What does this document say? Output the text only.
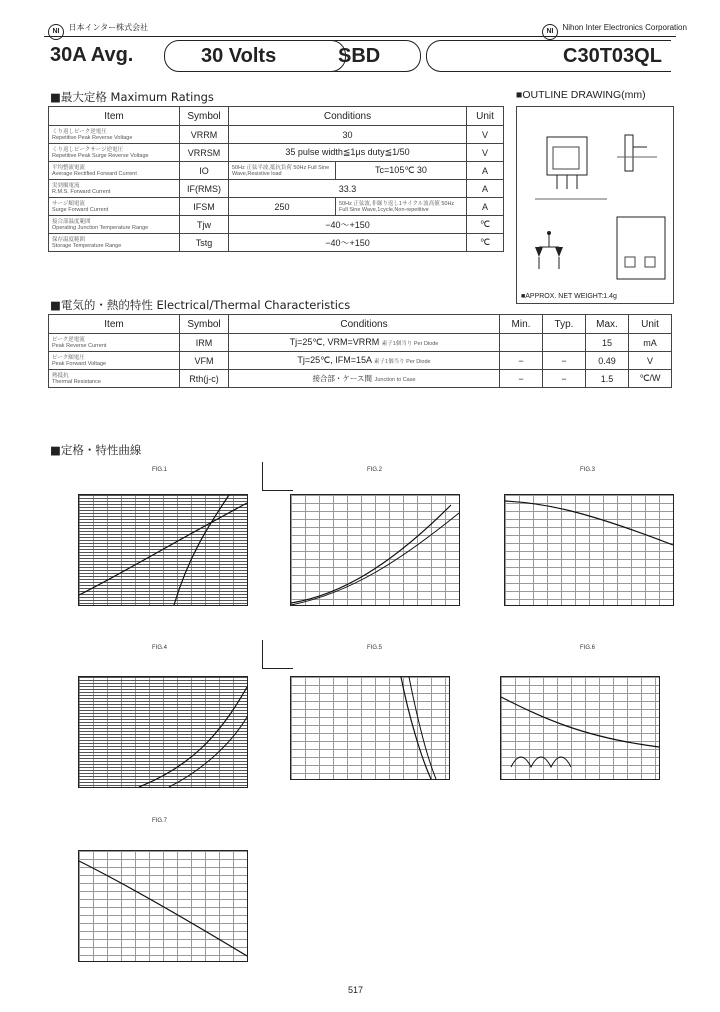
NI 日本インター株式会社	NI Nihon Inter Electronics Corporation
30A Avg.	30 Volts	SBD	C30T03QL
■最大定格 Maximum Ratings
Item	Symbol	Conditions		Unit

くり返しピーク逆電圧
Repetitive Peak Reverse Voltage	VRRM	30		V

くり返しピークサージ逆電圧
Repetitive Peak Surge Reverse Voltage	VRRSM	35 pulse width≦1μs duty≦1/50		V

平均整流電流
Average Rectified Forward Current	IO	50Hz 正弦半波,抵抗負荷 50Hz Full Sine Wave,Resistive load	Tc=105℃ 30	A

実効順電流
R.M.S. Forward Current	IF(RMS)	33.3		A

サージ順電流
Surge Forward Current	IFSM	250	50Hz 正弦波,非繰り返し1サイクル波高値 50Hz Full Sine Wave,1cycle,Non-repetitive	A

接合部温度範囲
Operating Junction Temperature Range	Tjw	−40〜+150		℃

保存温度範囲
Storage Temperature Range	Tstg	−40〜+150		℃
■OUTLINE DRAWING(mm)
■APPROX. NET WEIGHT:1.4g
■電気的・熱的特性 Electrical/Thermal Characteristics
Item	Symbol	Conditions	Min.	Typ.	Max.	Unit

ピーク逆電流
Peak Reverse Current	IRM	Tj=25℃, VRM=VRRM 素子1個当り Per Diode			15	mA

ピーク順電圧
Peak Forward Voltage	VFM	Tj=25℃, IFM=15A 素子1個当り Per Diode	−	−	0.49	V

熱抵抗
Thermal Resistance	Rth(j-c)	接合部・ケース間 Junction to Case	−	−	1.5	℃/W
■定格・特性曲線
FIG.1	FIG.2	FIG.3
FIG.4	FIG.5	FIG.6
FIG.7
517
